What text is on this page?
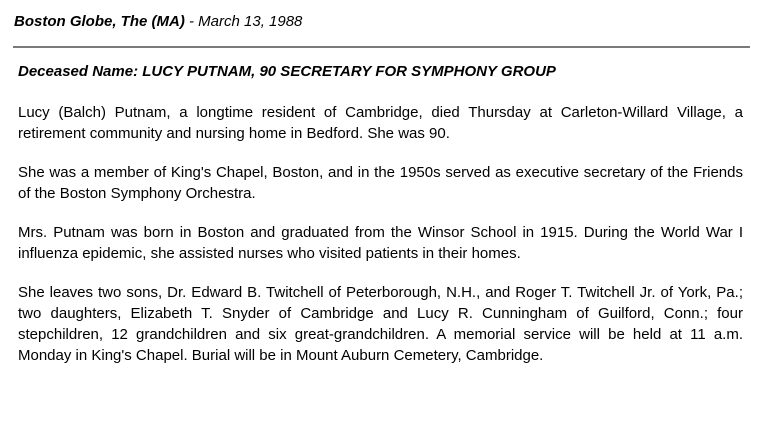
Boston Globe, The (MA) - March 13, 1988
Deceased Name: LUCY PUTNAM, 90 SECRETARY FOR SYMPHONY GROUP

Lucy (Balch) Putnam, a longtime resident of Cambridge, died Thursday at Carleton-Willard Village, a retirement community and nursing home in Bedford. She was 90.

She was a member of King's Chapel, Boston, and in the 1950s served as executive secretary of the Friends of the Boston Symphony Orchestra.

Mrs. Putnam was born in Boston and graduated from the Winsor School in 1915. During the World War I influenza epidemic, she assisted nurses who visited patients in their homes.

She leaves two sons, Dr. Edward B. Twitchell of Peterborough, N.H., and Roger T. Twitchell Jr. of York, Pa.; two daughters, Elizabeth T. Snyder of Cambridge and Lucy R. Cunningham of Guilford, Conn.; four stepchildren, 12 grandchildren and six great-grandchildren. A memorial service will be held at 11 a.m. Monday in King's Chapel. Burial will be in Mount Auburn Cemetery, Cambridge.
